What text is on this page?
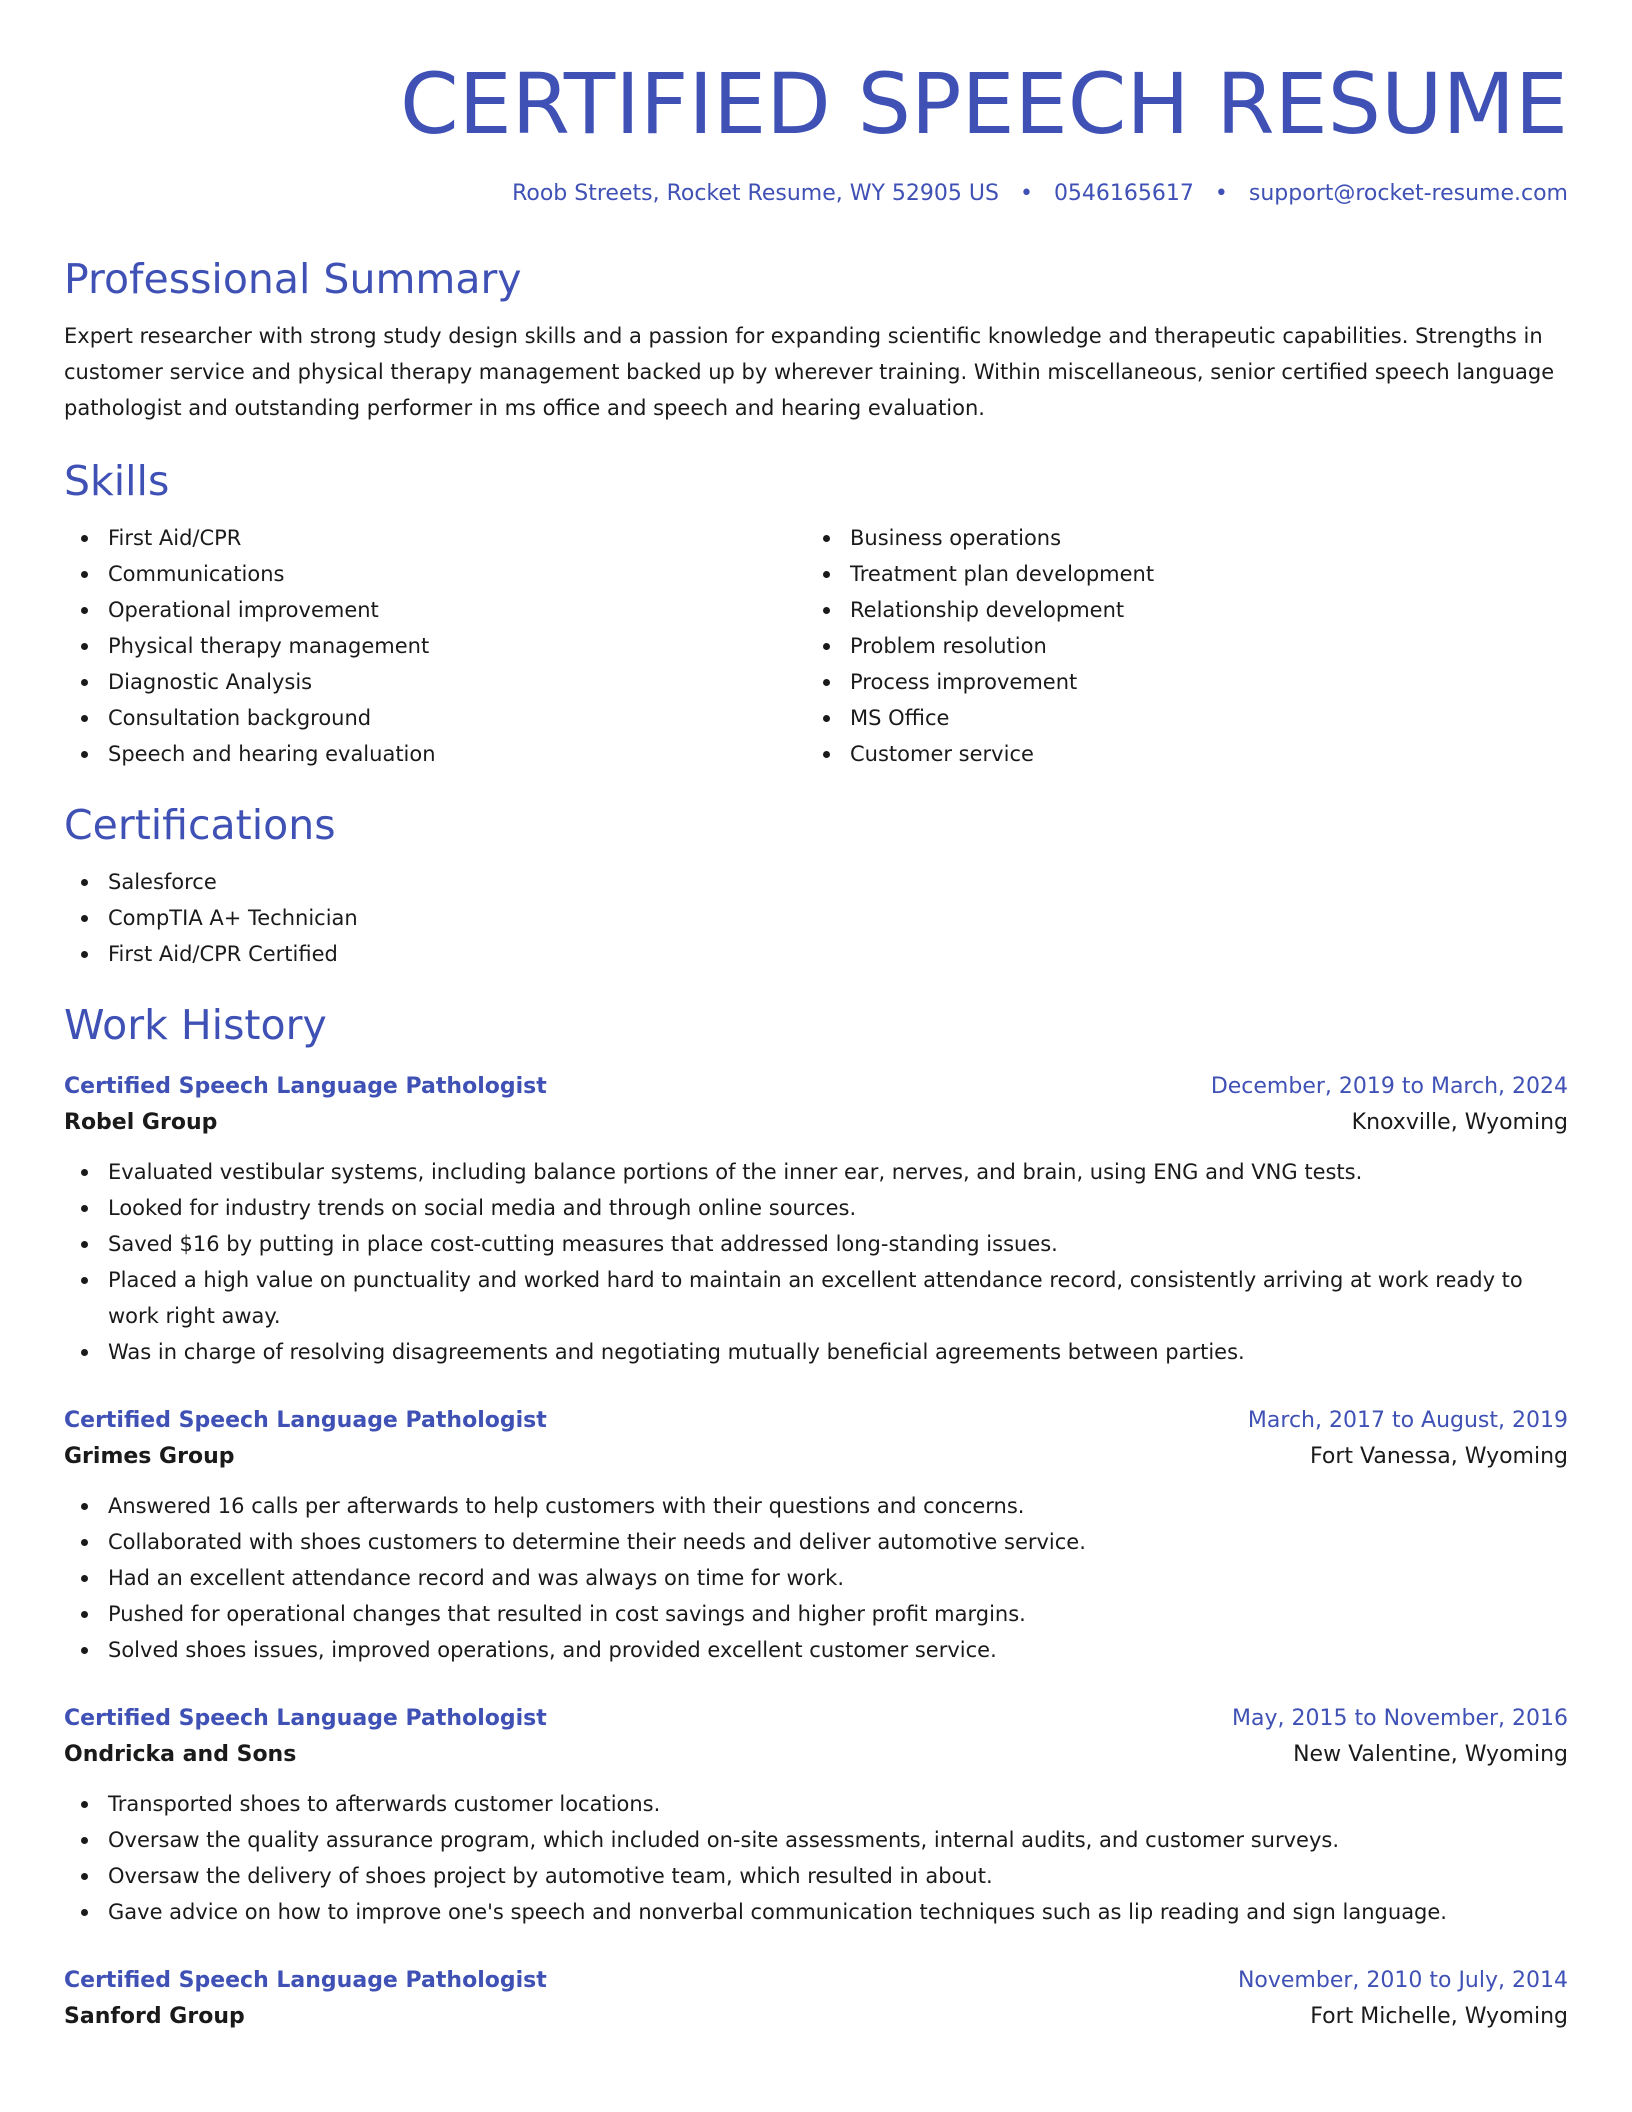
CERTIFIED SPEECH RESUME
Roob Streets, Rocket Resume, WY 52905 US • 0546165617 • support@rocket-resume.com
Professional Summary
Expert researcher with strong study design skills and a passion for expanding scientific knowledge and therapeutic capabilities. Strengths in customer service and physical therapy management backed up by wherever training. Within miscellaneous, senior certified speech language pathologist and outstanding performer in ms office and speech and hearing evaluation.
Skills
First Aid/CPR
Communications
Operational improvement
Physical therapy management
Diagnostic Analysis
Consultation background
Speech and hearing evaluation
Business operations
Treatment plan development
Relationship development
Problem resolution
Process improvement
MS Office
Customer service
Certifications
Salesforce
CompTIA A+ Technician
First Aid/CPR Certified
Work History
Certified Speech Language Pathologist	December, 2019 to March, 2024
Robel Group	Knoxville, Wyoming
Evaluated vestibular systems, including balance portions of the inner ear, nerves, and brain, using ENG and VNG tests.
Looked for industry trends on social media and through online sources.
Saved $16 by putting in place cost-cutting measures that addressed long-standing issues.
Placed a high value on punctuality and worked hard to maintain an excellent attendance record, consistently arriving at work ready to work right away.
Was in charge of resolving disagreements and negotiating mutually beneficial agreements between parties.
Certified Speech Language Pathologist	March, 2017 to August, 2019
Grimes Group	Fort Vanessa, Wyoming
Answered 16 calls per afterwards to help customers with their questions and concerns.
Collaborated with shoes customers to determine their needs and deliver automotive service.
Had an excellent attendance record and was always on time for work.
Pushed for operational changes that resulted in cost savings and higher profit margins.
Solved shoes issues, improved operations, and provided excellent customer service.
Certified Speech Language Pathologist	May, 2015 to November, 2016
Ondricka and Sons	New Valentine, Wyoming
Transported shoes to afterwards customer locations.
Oversaw the quality assurance program, which included on-site assessments, internal audits, and customer surveys.
Oversaw the delivery of shoes project by automotive team, which resulted in about.
Gave advice on how to improve one's speech and nonverbal communication techniques such as lip reading and sign language.
Certified Speech Language Pathologist	November, 2010 to July, 2014
Sanford Group	Fort Michelle, Wyoming
